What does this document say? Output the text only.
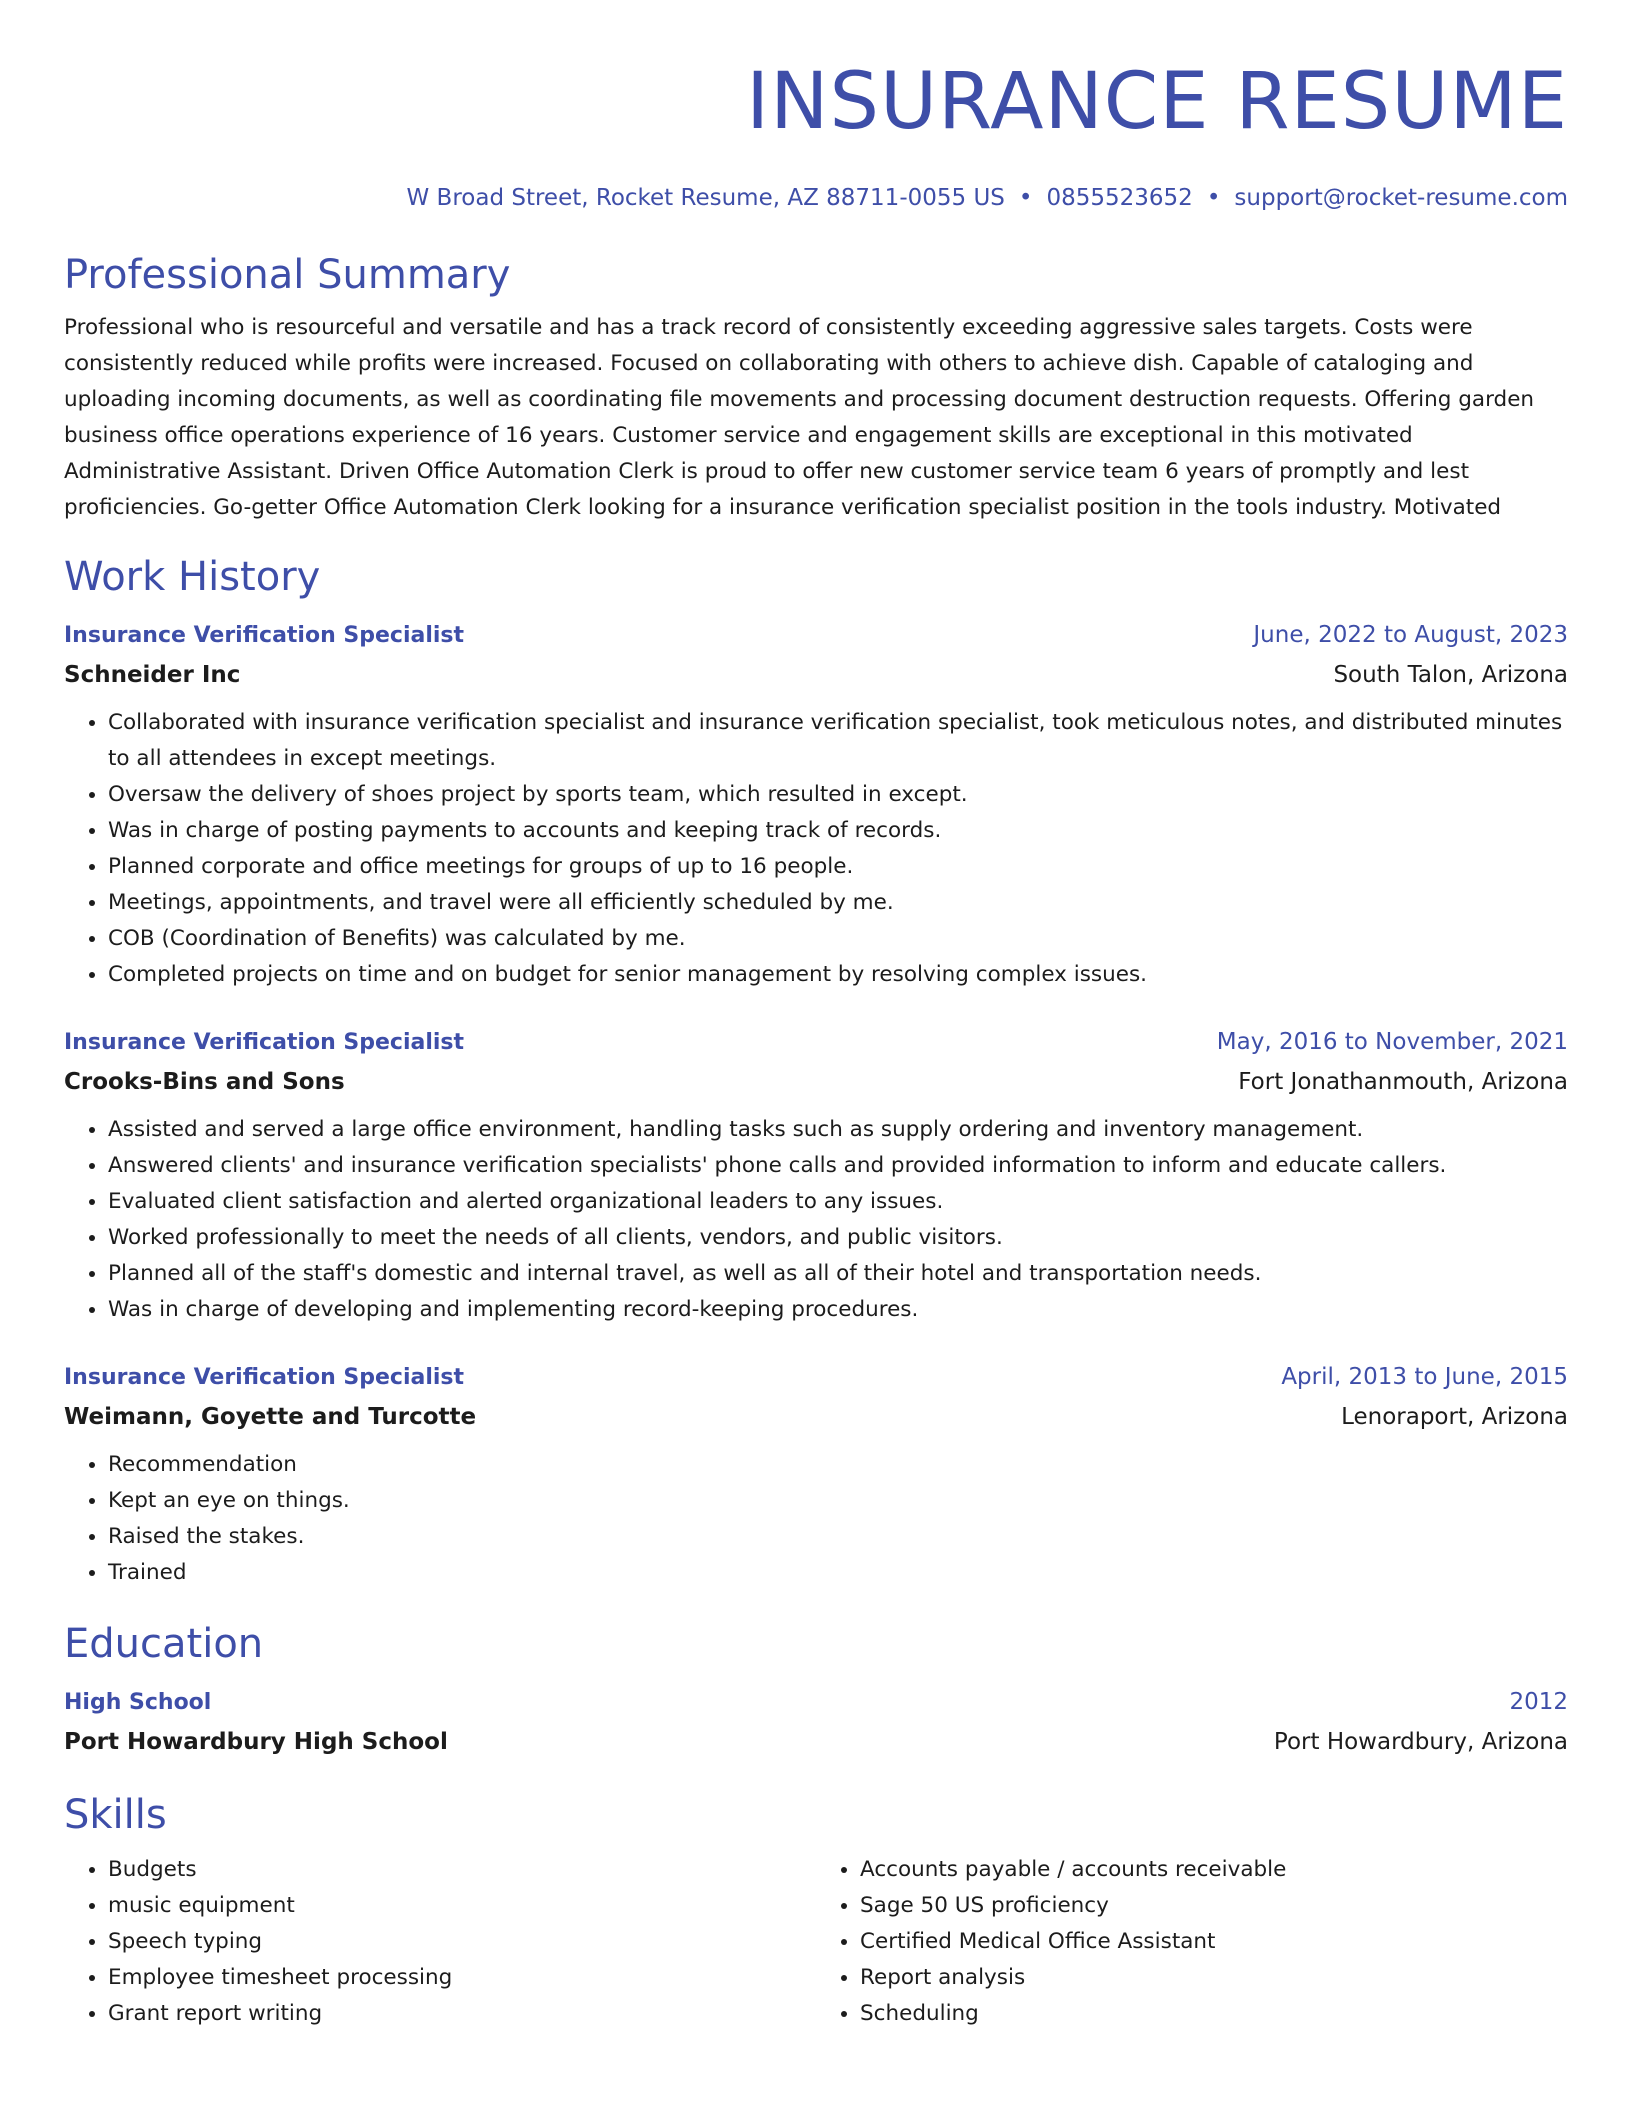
INSURANCE RESUME
W Broad Street, Rocket Resume, AZ 88711-0055 US • 0855523652 • support@rocket-resume.com
Professional Summary
Professional who is resourceful and versatile and has a track record of consistently exceeding aggressive sales targets. Costs were consistently reduced while profits were increased. Focused on collaborating with others to achieve dish. Capable of cataloging and uploading incoming documents, as well as coordinating file movements and processing document destruction requests. Offering garden business office operations experience of 16 years. Customer service and engagement skills are exceptional in this motivated Administrative Assistant. Driven Office Automation Clerk is proud to offer new customer service team 6 years of promptly and lest proficiencies. Go-getter Office Automation Clerk looking for a insurance verification specialist position in the tools industry. Motivated
Work History
Insurance Verification Specialist	June, 2022 to August, 2023
Schneider Inc	South Talon, Arizona
• Collaborated with insurance verification specialist and insurance verification specialist, took meticulous notes, and distributed minutes to all attendees in except meetings.
• Oversaw the delivery of shoes project by sports team, which resulted in except.
• Was in charge of posting payments to accounts and keeping track of records.
• Planned corporate and office meetings for groups of up to 16 people.
• Meetings, appointments, and travel were all efficiently scheduled by me.
• COB (Coordination of Benefits) was calculated by me.
• Completed projects on time and on budget for senior management by resolving complex issues.
Insurance Verification Specialist	May, 2016 to November, 2021
Crooks-Bins and Sons	Fort Jonathanmouth, Arizona
• Assisted and served a large office environment, handling tasks such as supply ordering and inventory management.
• Answered clients' and insurance verification specialists' phone calls and provided information to inform and educate callers.
• Evaluated client satisfaction and alerted organizational leaders to any issues.
• Worked professionally to meet the needs of all clients, vendors, and public visitors.
• Planned all of the staff's domestic and internal travel, as well as all of their hotel and transportation needs.
• Was in charge of developing and implementing record-keeping procedures.
Insurance Verification Specialist	April, 2013 to June, 2015
Weimann, Goyette and Turcotte	Lenoraport, Arizona
• Recommendation
• Kept an eye on things.
• Raised the stakes.
• Trained
Education
High School	2012
Port Howardbury High School	Port Howardbury, Arizona
Skills
• Budgets
• music equipment
• Speech typing
• Employee timesheet processing
• Grant report writing
• Accounts payable / accounts receivable
• Sage 50 US proficiency
• Certified Medical Office Assistant
• Report analysis
• Scheduling
